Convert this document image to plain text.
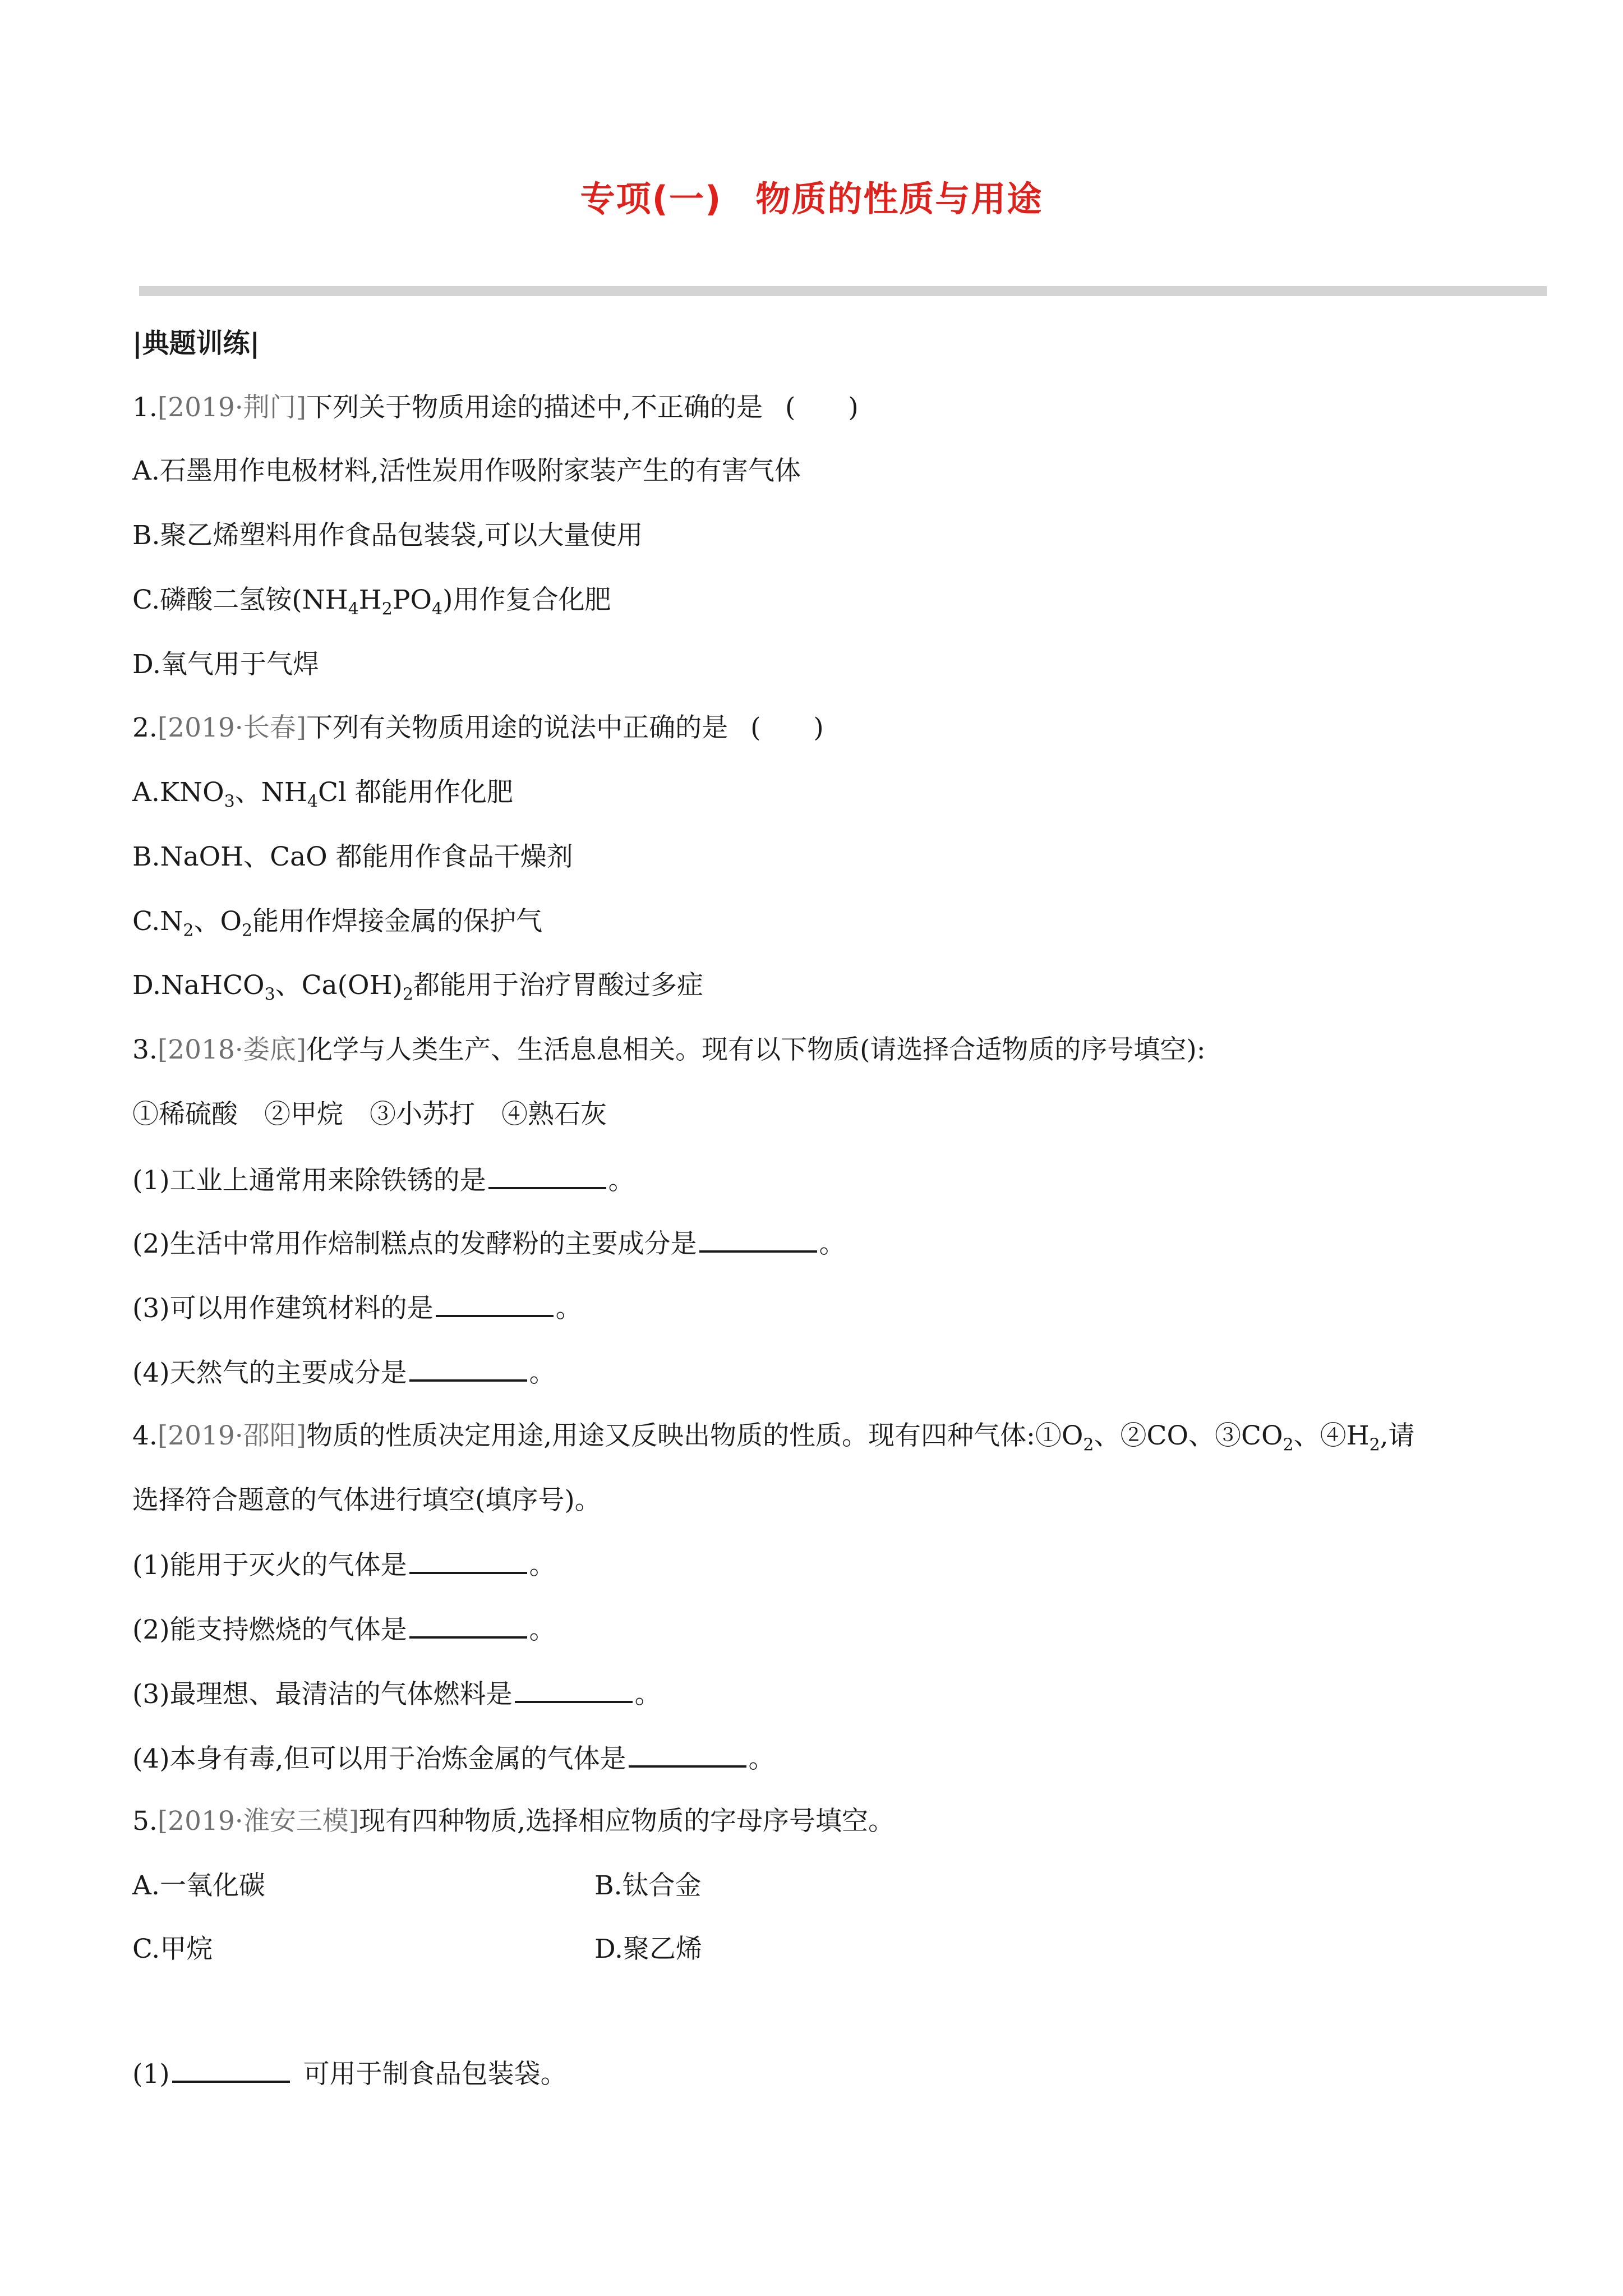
专项(一) 物质的性质与用途
|典题训练|
1.[2019·荆门]下列关于物质用途的描述中,不正确的是 (　　)
A.石墨用作电极材料,活性炭用作吸附家装产生的有害气体
B.聚乙烯塑料用作食品包装袋,可以大量使用
C.磷酸二氢铵$(NH_4H_2PO_4)$用作复合化肥
D.氧气用于气焊
2.[2019·长春]下列有关物质用途的说法中正确的是 (　　)
$A.KNO_3$、$NH_4Cl$ 都能用作化肥
B.NaOH、CaO 都能用作食品干燥剂
$C.N_2$、$O_2$能用作焊接金属的保护气
D.NaHCO$_3$、$Ca(OH)_2$都能用于治疗胃酸过多症
3.[2018·娄底]化学与人类生产、生活息息相关。现有以下物质(请选择合适物质的序号填空):
①稀硫酸　②甲烷　③小苏打　④熟石灰
(1)工业上通常用来除铁锈的是	。
(2)生活中常用作焙制糕点的发酵粉的主要成分是	。
(3)可以用作建筑材料的是	。
(4)天然气的主要成分是	。
4.[2019·邵阳]物质的性质决定用途,用途又反映出物质的性质。现有四种气体$:①O_2$、②CO、$③CO_2$、$④H_2$,请
选择符合题意的气体进行填空(填序号)。
(1)能用于灭火的气体是	。
(2)能支持燃烧的气体是	。
(3)最理想、最清洁的气体燃料是	。
(4)本身有毒,但可以用于冶炼金属的气体是	。
5.[2019·淮安三模]现有四种物质,选择相应物质的字母序号填空。
A.一氧化碳	B.钛合金
C.甲烷	D.聚乙烯
(1)	可用于制食品包装袋。
